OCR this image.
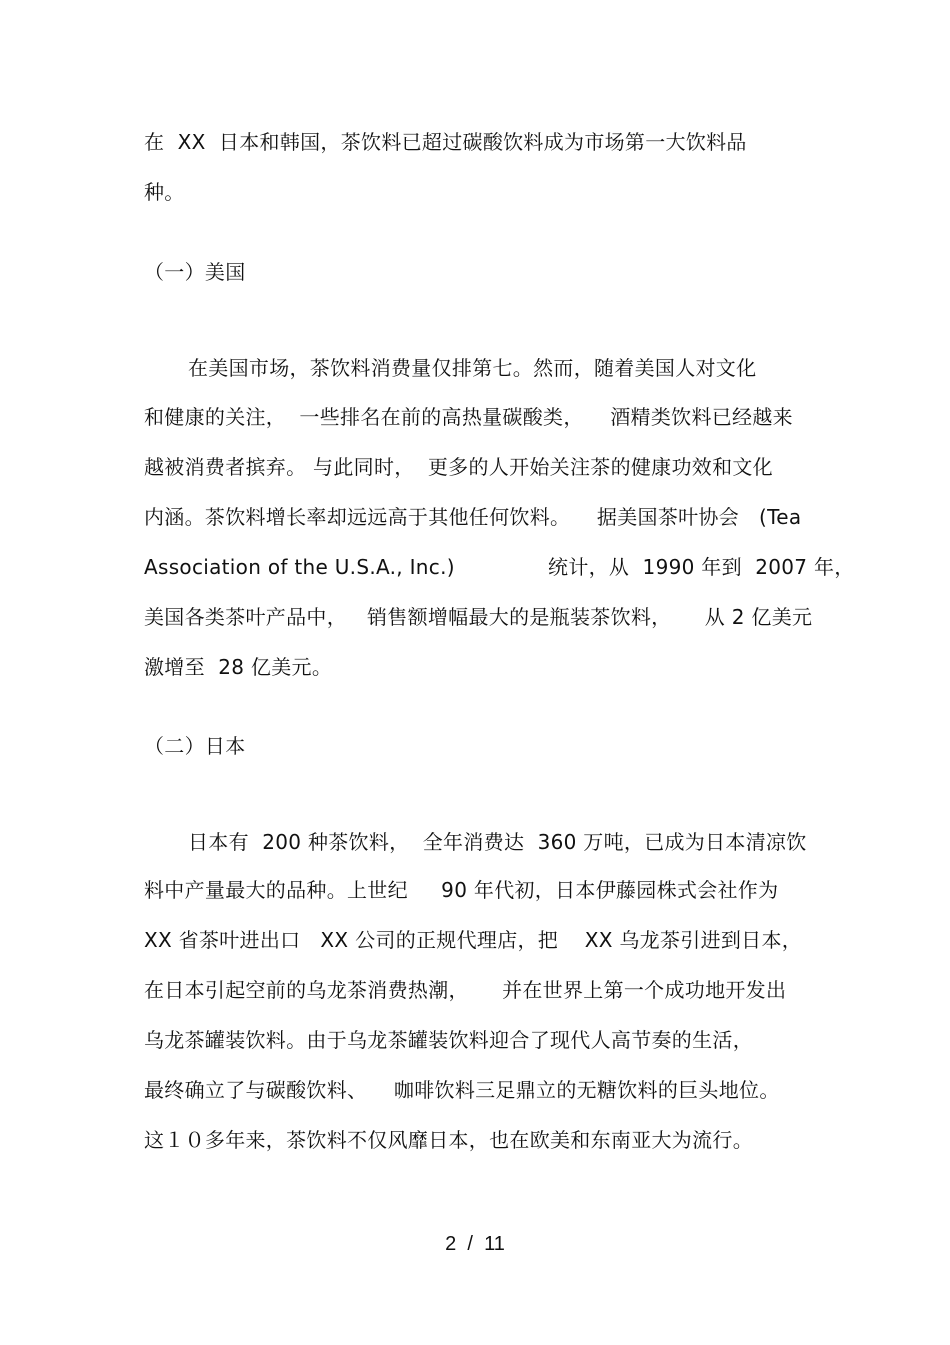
在  XX  日本和韩国，茶饮料已超过碳酸饮料成为市场第一大饮料品
种。
（一）美国
在美国市场，茶饮料消费量仅排第七。然而，随着美国人对文化
和健康的关注，  一些排名在前的高热量碳酸类，    酒精类饮料已经越来
越被消费者摈弃。 与此同时，  更多的人开始关注茶的健康功效和文化
内涵。茶饮料增长率却远远高于其他任何饮料。    据美国茶叶协会   (Tea
Association of the U.S.A., Inc.)              统计，从  1990 年到  2007 年，
美国各类茶叶产品中，   销售额增幅最大的是瓶装茶饮料，     从 2 亿美元
激增至  28 亿美元。
（二）日本
日本有  200 种茶饮料，  全年消费达  360 万吨，已成为日本清凉饮
料中产量最大的品种。上世纪     90 年代初，日本伊藤园株式会社作为
XX 省茶叶进出口   XX 公司的正规代理店，把    XX 乌龙茶引进到日本，
在日本引起空前的乌龙茶消费热潮，     并在世界上第一个成功地开发出
乌龙茶罐装饮料。由于乌龙茶罐装饮料迎合了现代人高节奏的生活，
最终确立了与碳酸饮料、    咖啡饮料三足鼎立的无糖饮料的巨头地位。
这１０多年来，茶饮料不仅风靡日本，也在欧美和东南亚大为流行。
2  /  11
